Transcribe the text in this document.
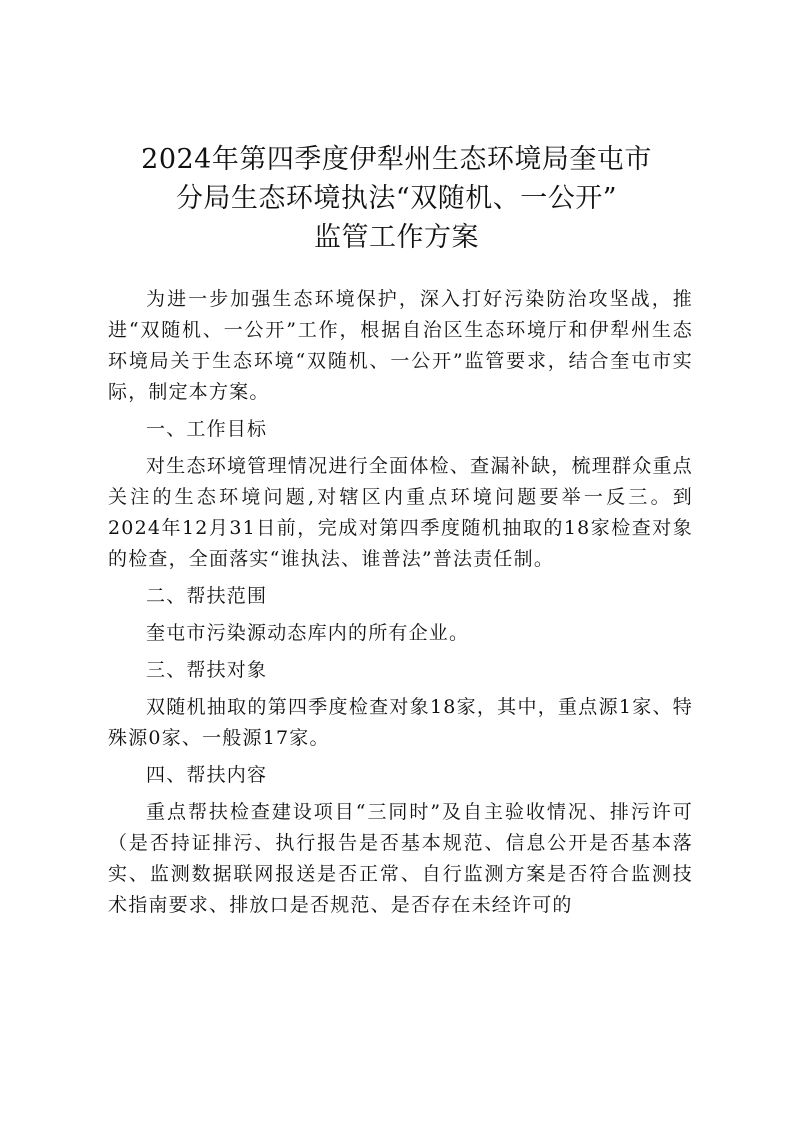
2024年第四季度伊犁州生态环境局奎屯市
分局生态环境执法“双随机、一公开”
监管工作方案

为进一步加强生态环境保护，深入打好污染防治攻坚战，推进“双随机、一公开”工作，根据自治区生态环境厅和伊犁州生态环境局关于生态环境“双随机、一公开”监管要求，结合奎屯市实际，制定本方案。

一、工作目标

对生态环境管理情况进行全面体检、查漏补缺，梳理群众重点关注的生态环境问题,对辖区内重点环境问题要举一反三。到2024年12月31日前，完成对第四季度随机抽取的18家检查对象的检查，全面落实“谁执法、谁普法”普法责任制。

二、帮扶范围

奎屯市污染源动态库内的所有企业。

三、帮扶对象

双随机抽取的第四季度检查对象18家，其中，重点源1家、特殊源0家、一般源17家。

四、帮扶内容

重点帮扶检查建设项目“三同时”及自主验收情况、排污许可（是否持证排污、执行报告是否基本规范、信息公开是否基本落实、监测数据联网报送是否正常、自行监测方案是否符合监测技术指南要求、排放口是否规范、是否存在未经许可的
